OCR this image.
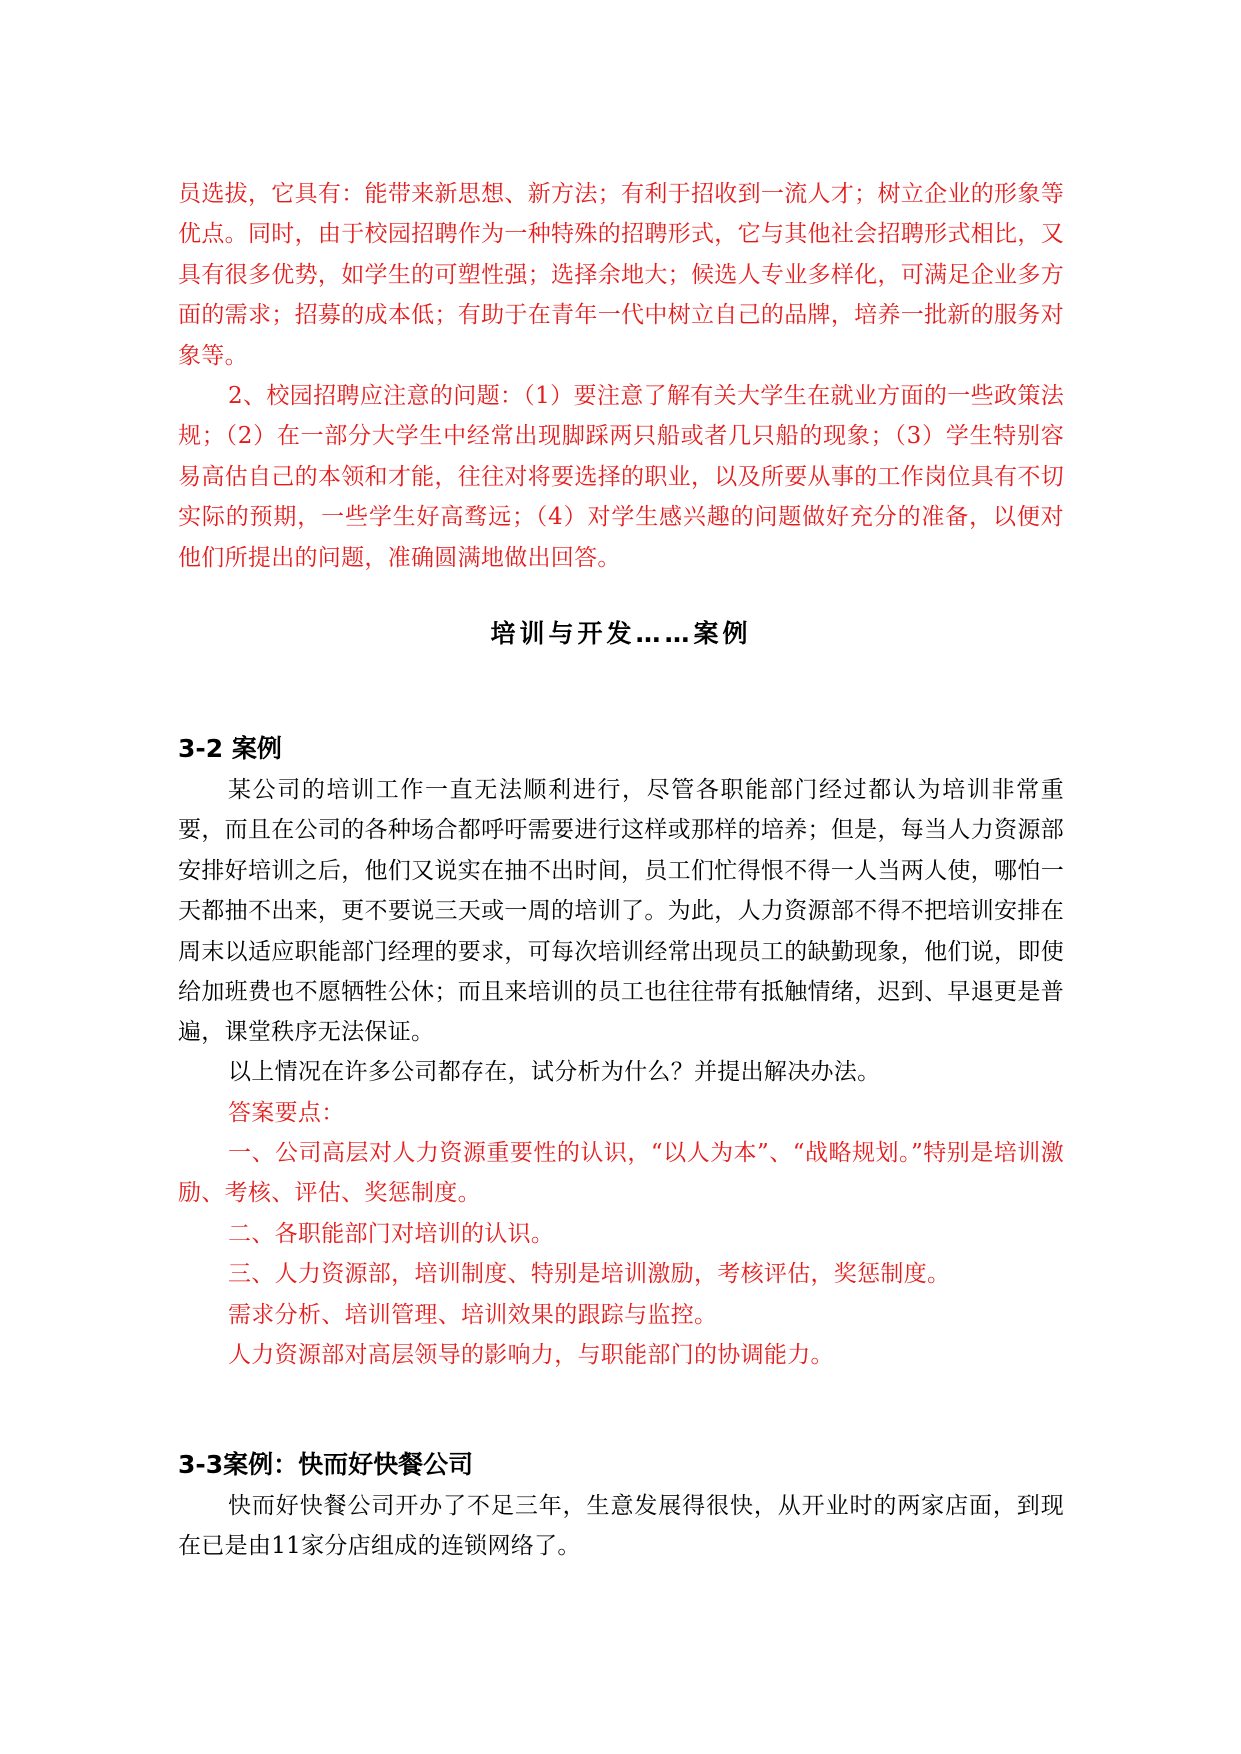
员选拔，它具有：能带来新思想、新方法；有利于招收到一流人才；树立企业的形象等优点。同时，由于校园招聘作为一种特殊的招聘形式，它与其他社会招聘形式相比，又具有很多优势，如学生的可塑性强；选择余地大；候选人专业多样化，可满足企业多方面的需求；招募的成本低；有助于在青年一代中树立自己的品牌，培养一批新的服务对象等。

2、校园招聘应注意的问题：（1）要注意了解有关大学生在就业方面的一些政策法规；（2）在一部分大学生中经常出现脚踩两只船或者几只船的现象；（3）学生特别容易高估自己的本领和才能，往往对将要选择的职业，以及所要从事的工作岗位具有不切实际的预期，一些学生好高骛远；（4）对学生感兴趣的问题做好充分的准备，以便对他们所提出的问题，准确圆满地做出回答。

培训与开发……案例

3-2 案例

某公司的培训工作一直无法顺利进行，尽管各职能部门经过都认为培训非常重要，而且在公司的各种场合都呼吁需要进行这样或那样的培养；但是，每当人力资源部安排好培训之后，他们又说实在抽不出时间，员工们忙得恨不得一人当两人使，哪怕一天都抽不出来，更不要说三天或一周的培训了。为此，人力资源部不得不把培训安排在周末以适应职能部门经理的要求，可每次培训经常出现员工的缺勤现象，他们说，即使给加班费也不愿牺牲公休；而且来培训的员工也往往带有抵触情绪，迟到、早退更是普遍，课堂秩序无法保证。

以上情况在许多公司都存在，试分析为什么？并提出解决办法。

答案要点：

一、公司高层对人力资源重要性的认识，“以人为本”、“战略规划。”特别是培训激励、考核、评估、奖惩制度。

二、各职能部门对培训的认识。

三、人力资源部，培训制度、特别是培训激励，考核评估，奖惩制度。

需求分析、培训管理、培训效果的跟踪与监控。

人力资源部对高层领导的影响力，与职能部门的协调能力。

3-3案例：快而好快餐公司

快而好快餐公司开办了不足三年，生意发展得很快，从开业时的两家店面，到现在已是由11家分店组成的连锁网络了。
